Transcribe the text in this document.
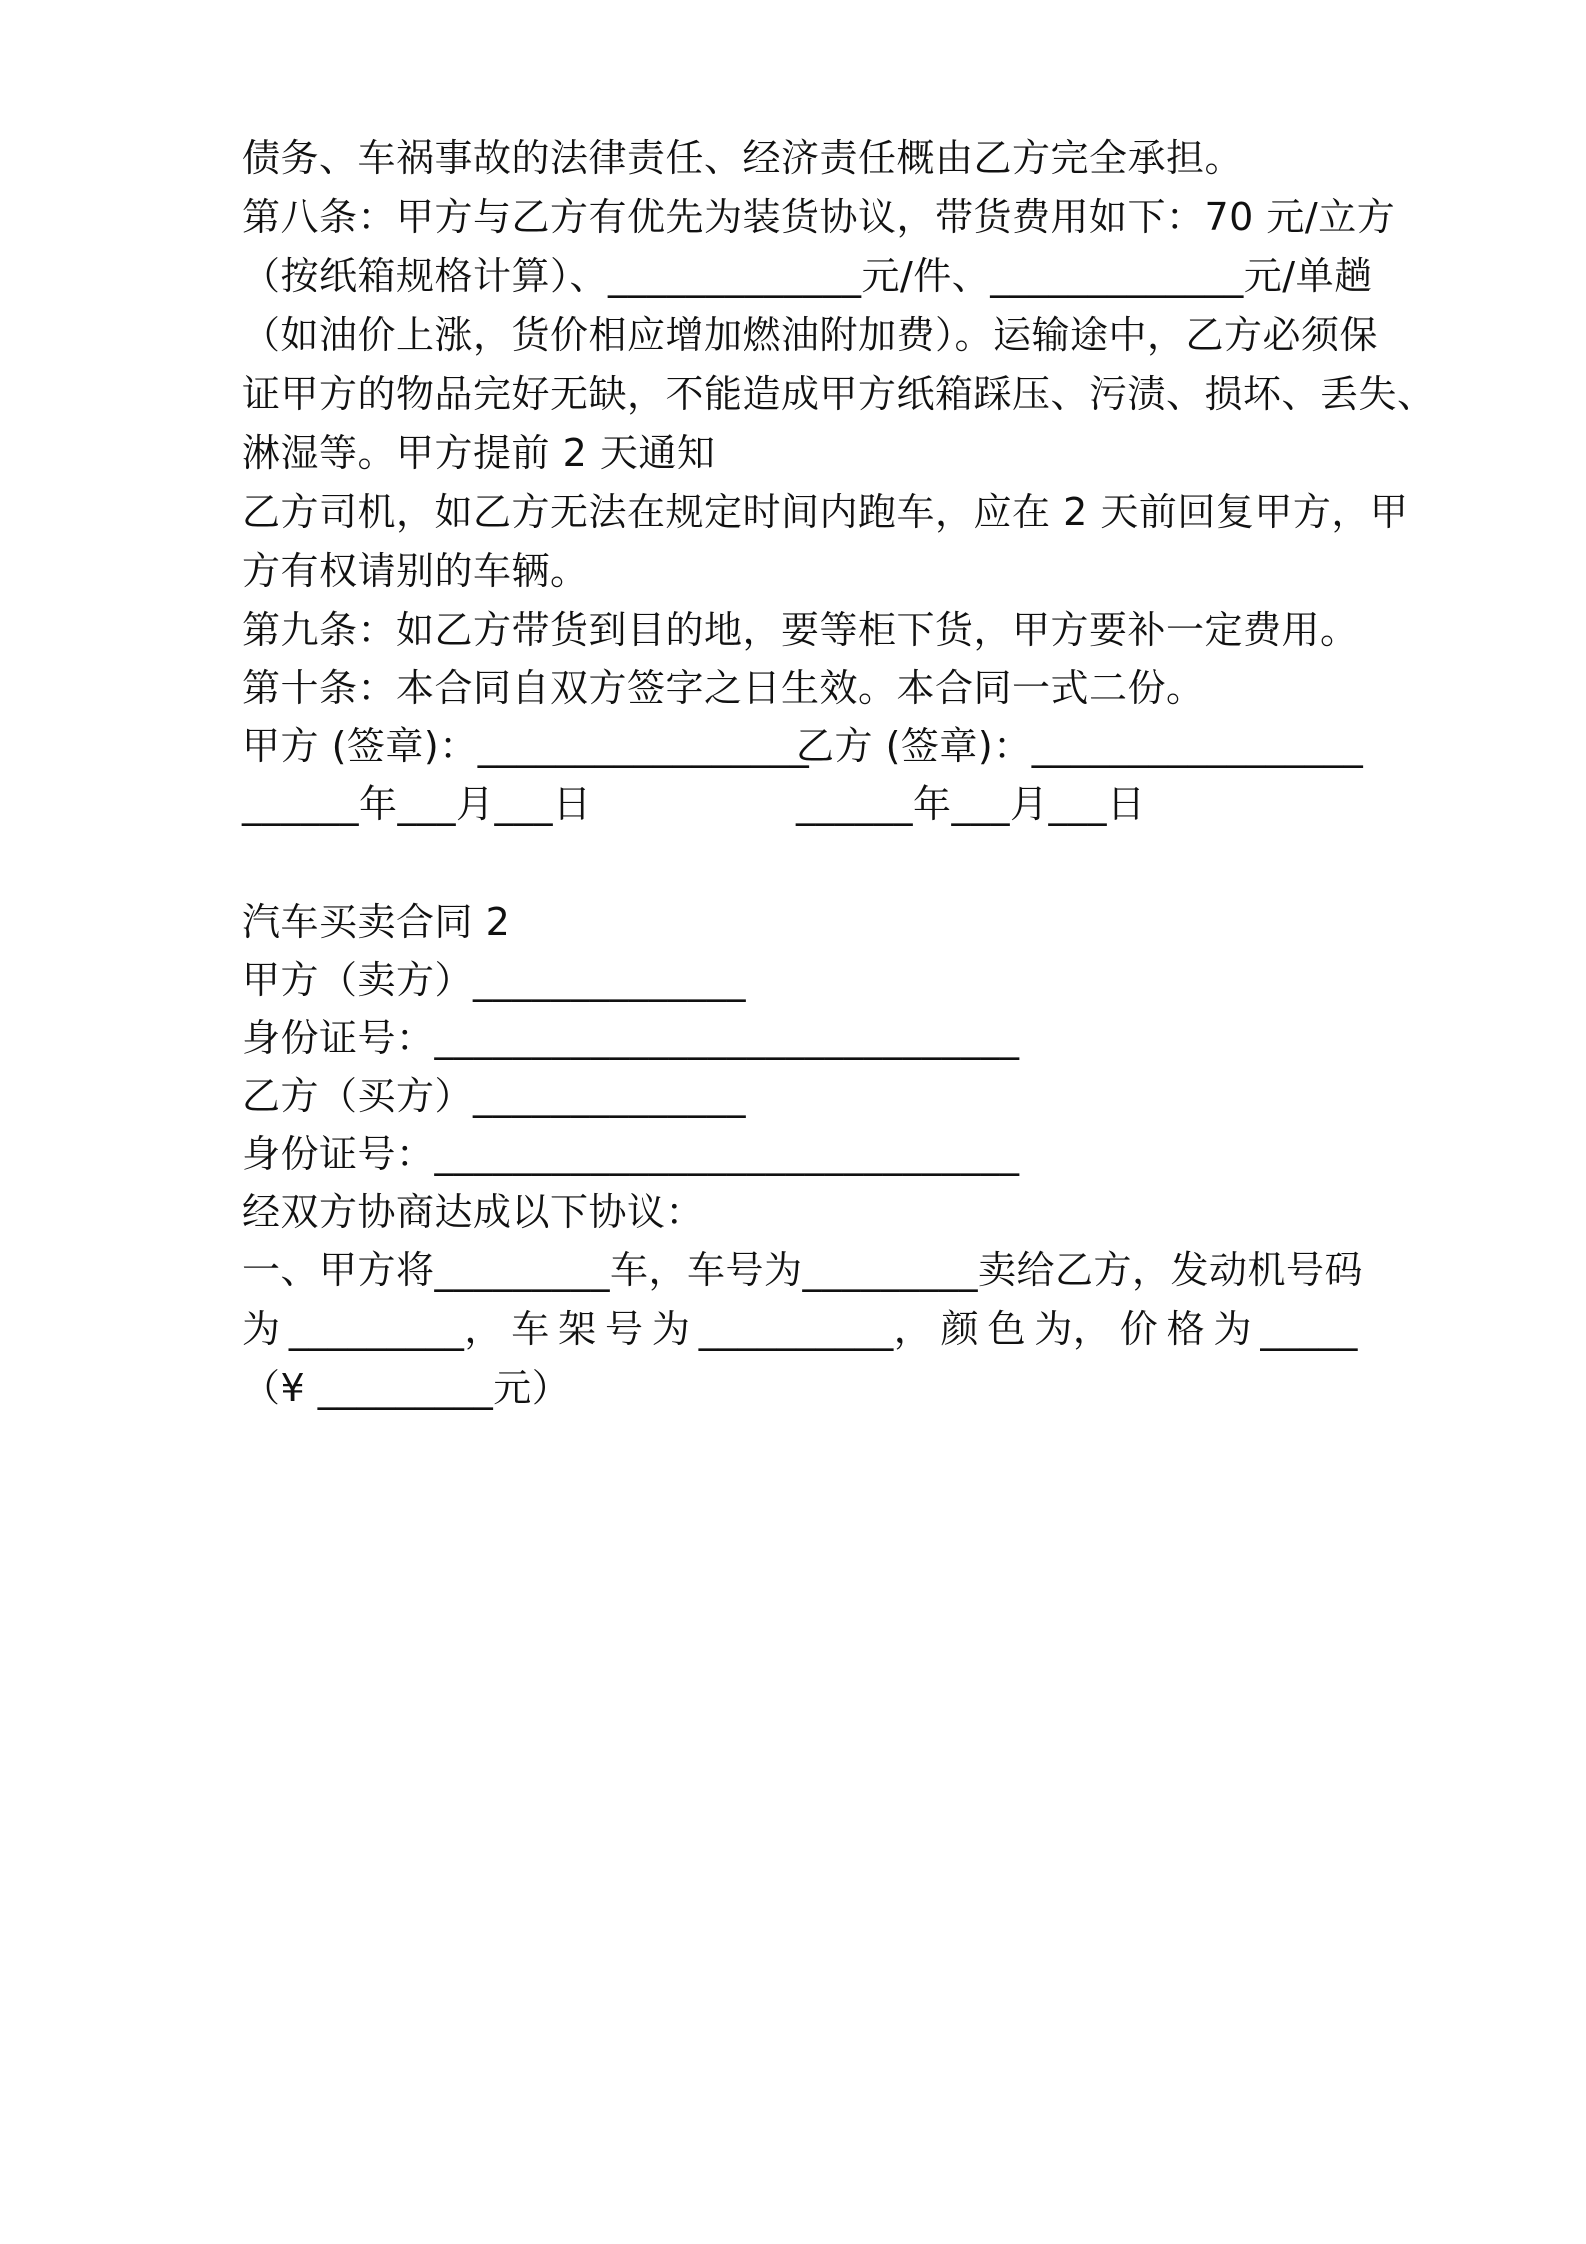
债务、车祸事故的法律责任、经济责任概由乙方完全承担。
第八条：甲方与乙方有优先为装货协议，带货费用如下：70 元/立方
（按纸箱规格计算）、_____________元/件、_____________元/单趟
（如油价上涨，货价相应增加燃油附加费）。运输途中，乙方必须保
证甲方的物品完好无缺，不能造成甲方纸箱踩压、污渍、损坏、丢失、
淋湿等。甲方提前 2 天通知
乙方司机，如乙方无法在规定时间内跑车，应在 2 天前回复甲方，甲
方有权请别的车辆。
第九条：如乙方带货到目的地，要等柜下货，甲方要补一定费用。
第十条：本合同自双方签字之日生效。本合同一式二份。
甲方 (签章)：_________________
乙方 (签章)：_________________
______年___月___日	______年___月___日
汽车买卖合同 2
甲方（卖方）______________
身份证号：______________________________
乙方（买方）______________
身份证号：______________________________
经双方协商达成以下协议：
一、甲方将_________车，车号为_________卖给乙方，发动机号码
为 _________， 车 架 号 为 __________， 颜 色 为， 价 格 为 _____
（¥ _________元）
